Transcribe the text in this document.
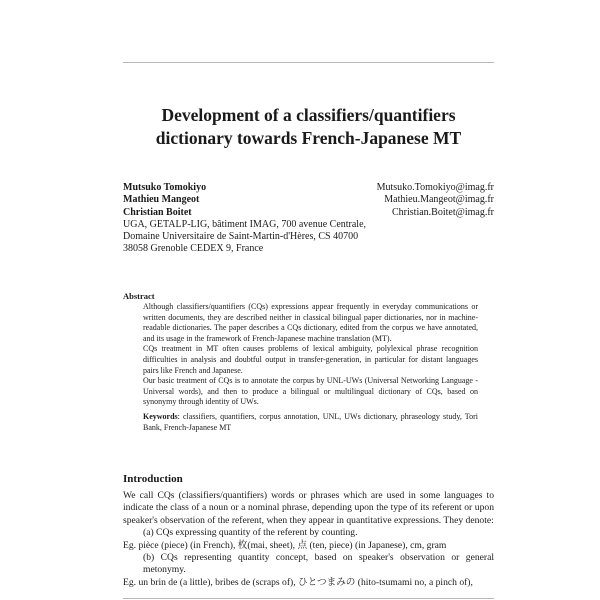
Development of a classifiers/quantifiers
dictionary towards French-Japanese MT
Mutsuko Tomokiyo
Mathieu Mangeot
Christian Boitet
Mutsuko.Tomokiyo@imag.fr
Mathieu.Mangeot@imag.fr
Christian.Boitet@imag.fr
UGA, GETALP-LIG, bâtiment IMAG, 700 avenue Centrale,
Domaine Universitaire de Saint-Martin-d'Hères, CS 40700
38058 Grenoble CEDEX 9, France
Abstract

Although classifiers/quantifiers (CQs) expressions appear frequently in everyday communications or written documents, they are described neither in classical bilingual paper dictionaries, nor in machine-readable dictionaries. The paper describes a CQs dictionary, edited from the corpus we have annotated, and its usage in the framework of French-Japanese machine translation (MT).

CQs treatment in MT often causes problems of lexical ambiguity, polylexical phrase recognition difficulties in analysis and doubtful output in transfer-generation, in particular for distant languages pairs like French and Japanese.

Our basic treatment of CQs is to annotate the corpus by UNL-UWs (Universal Networking Language - Universal words), and then to produce a bilingual or multilingual dictionary of CQs, based on synonymy through identity of UWs.

Keywords: classifiers, quantifiers, corpus annotation, UNL, UWs dictionary, phraseology study, Tori Bank, French-Japanese MT

Introduction

We call CQs (classifiers/quantifiers) words or phrases which are used in some languages to indicate the class of a noun or a nominal phrase, depending upon the type of its referent or upon speaker's observation of the referent, when they appear in quantitative expressions. They denote:

(a) CQs expressing quantity of the referent by counting.

Eg. pièce (piece) (in French), 枚(mai, sheet), 点 (ten, piece) (in Japanese), cm, gram

(b) CQs representing quantity concept, based on speaker's observation or general metonymy.

Eg. un brin de (a little), bribes de (scraps of), ひとつまみの (hito-tsumami no, a pinch of),
